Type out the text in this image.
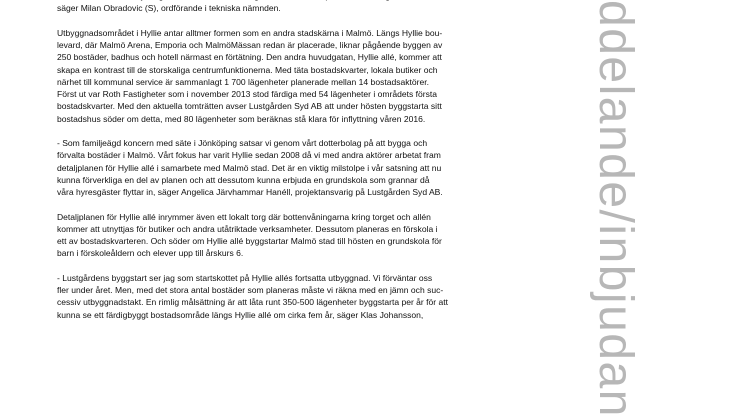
säger Milan Obradovic (S), ordförande i tekniska nämnden.

Utbyggnadsområdet i Hyllie antar alltmer formen som en andra stadskärna i Malmö. Längs Hyllie bou-
levard, där Malmö Arena, Emporia och MalmöMässan redan är placerade, liknar pågående byggen av
250 bostäder, badhus och hotell närmast en förtätning. Den andra huvudgatan, Hyllie allé, kommer att
skapa en kontrast till de storskaliga centrumfunktionerna. Med täta bostadskvarter, lokala butiker och
närhet till kommunal service är sammanlagt 1 700 lägenheter planerade mellan 14 bostadsaktörer.
Först ut var Roth Fastigheter som i november 2013 stod färdiga med 54 lägenheter i områdets första
bostadskvarter. Med den aktuella tomträtten avser Lustgården Syd AB att under hösten byggstarta sitt
bostadshus söder om detta, med 80 lägenheter som beräknas stå klara för inflyttning våren 2016.

- Som familjeägd koncern med säte i Jönköping satsar vi genom vårt dotterbolag på att bygga och
förvalta bostäder i Malmö. Vårt fokus har varit Hyllie sedan 2008 då vi med andra aktörer arbetat fram
detaljplanen för Hyllie allé i samarbete med Malmö stad. Det är en viktig milstolpe i vår satsning att nu
kunna förverkliga en del av planen och att dessutom kunna erbjuda en grundskola som grannar då
våra hyresgäster flyttar in, säger Angelica Järvhammar Hanéll, projektansvarig på Lustgården Syd AB.

Detaljplanen för Hyllie allé inrymmer även ett lokalt torg där bottenvåningarna kring torget och allén
kommer att utnyttjas för butiker och andra utåtriktade verksamheter. Dessutom planeras en förskola i
ett av bostadskvarteren. Och söder om Hyllie allé byggstartar Malmö stad till hösten en grundskola för
barn i förskoleåldern och elever upp till årskurs 6.

- Lustgårdens byggstart ser jag som startskottet på Hyllie allés fortsatta utbyggnad. Vi förväntar oss
fler under året. Men, med det stora antal bostäder som planeras måste vi räkna med en jämn och suc-
cessiv utbyggnadstakt. En rimlig målsättning är att låta runt 350-500 lägenheter byggstarta per år för att
kunna se ett färdigbyggt bostadsområde längs Hyllie allé om cirka fem år, säger Klas Johansson,	ddelande/inbjudan
